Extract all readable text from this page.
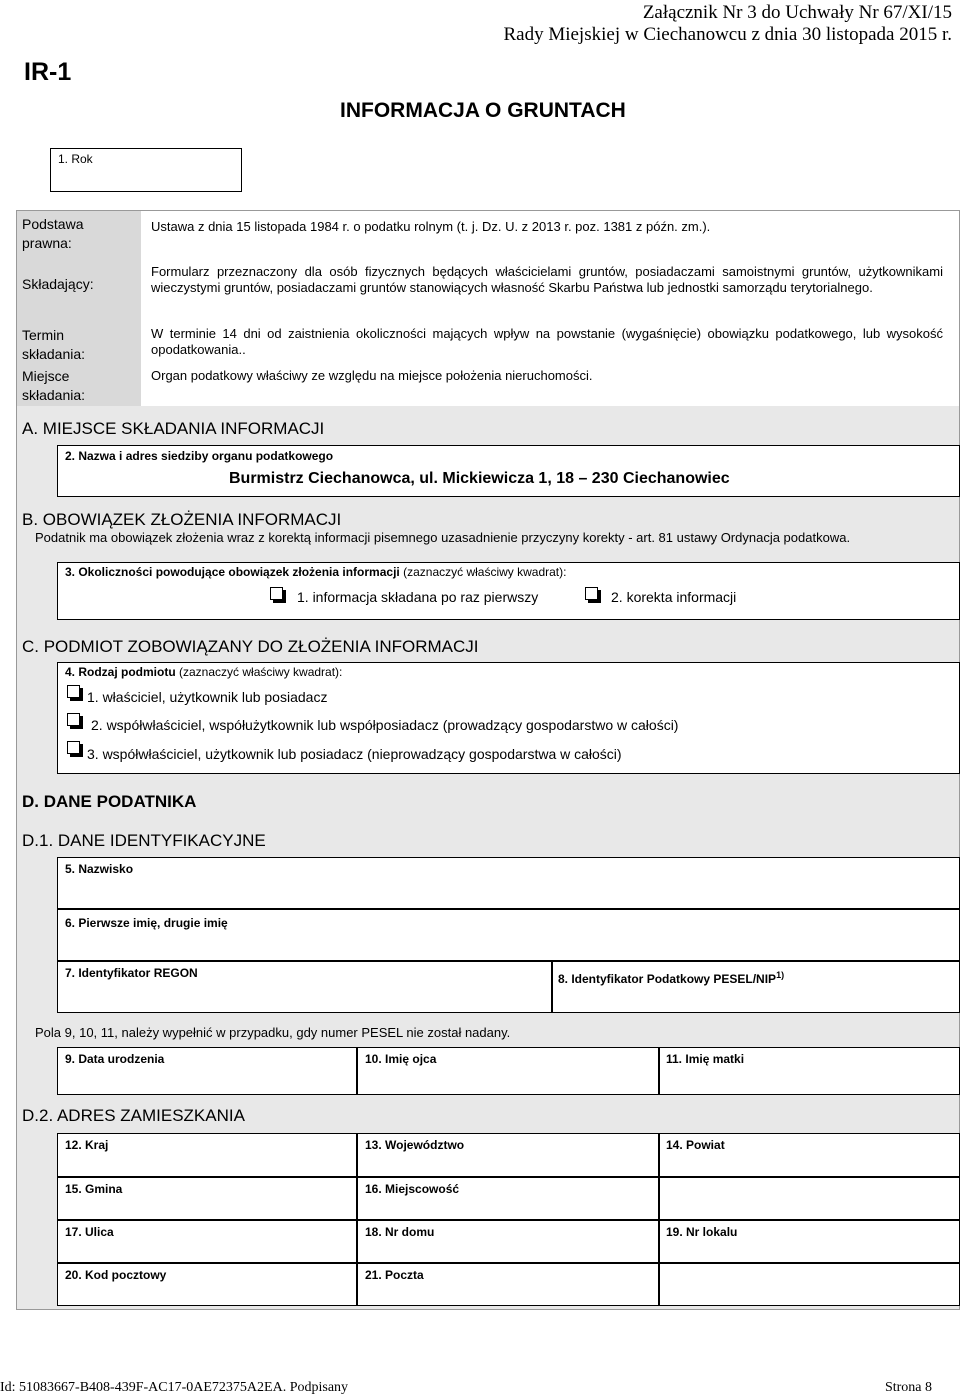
Załącznik Nr 3 do Uchwały Nr 67/XI/15
Rady Miejskiej w Ciechanowcu z dnia 30 listopada 2015 r.
IR-1
INFORMACJA O GRUNTACH
1. Rok
Podstawa prawna:
Ustawa z dnia 15 listopada 1984 r. o podatku rolnym (t. j. Dz. U. z 2013 r. poz. 1381 z późn. zm.).
Składający:
Formularz przeznaczony dla osób fizycznych będących właścicielami gruntów, posiadaczami samoistnymi gruntów, użytkownikami wieczystymi gruntów, posiadaczami gruntów stanowiących własność Skarbu Państwa lub jednostki samorządu terytorialnego.
Termin składania:
W terminie 14 dni od zaistnienia okoliczności mających wpływ na powstanie (wygaśnięcie) obowiązku podatkowego, lub wysokość opodatkowania..
Miejsce składania:
Organ podatkowy właściwy ze względu na miejsce położenia nieruchomości.
A. MIEJSCE SKŁADANIA INFORMACJI
2. Nazwa i adres siedziby organu podatkowego
Burmistrz Ciechanowca, ul. Mickiewicza 1, 18 – 230 Ciechanowiec
B. OBOWIĄZEK ZŁOŻENIA INFORMACJI
Podatnik ma obowiązek złożenia wraz z korektą informacji pisemnego uzasadnienie przyczyny korekty - art. 81 ustawy Ordynacja podatkowa.
3. Okoliczności powodujące obowiązek złożenia informacji (zaznaczyć właściwy kwadrat):
1. informacja składana po raz pierwszy	2. korekta informacji
C. PODMIOT ZOBOWIĄZANY DO ZŁOŻENIA INFORMACJI
4. Rodzaj podmiotu (zaznaczyć właściwy kwadrat):
1. właściciel, użytkownik lub posiadacz
2. współwłaściciel, współużytkownik lub współposiadacz (prowadzący gospodarstwo w całości)
3. współwłaściciel, użytkownik lub posiadacz (nieprowadzący gospodarstwa w całości)
D. DANE PODATNIKA
D.1. DANE IDENTYFIKACYJNE
5. Nazwisko
6. Pierwsze imię, drugie imię
7. Identyfikator REGON	8. Identyfikator Podatkowy PESEL/NIP$^{1)}$
Pola 9, 10, 11, należy wypełnić w przypadku, gdy numer PESEL nie został nadany.
9. Data urodzenia	10. Imię ojca	11. Imię matki
D.2. ADRES ZAMIESZKANIA
12. Kraj	13. Województwo	14. Powiat
15. Gmina	16. Miejscowość
17. Ulica	18. Nr domu	19. Nr lokalu
20. Kod pocztowy	21. Poczta
Id: 51083667-B408-439F-AC17-0AE72375A2EA. Podpisany	Strona 8
